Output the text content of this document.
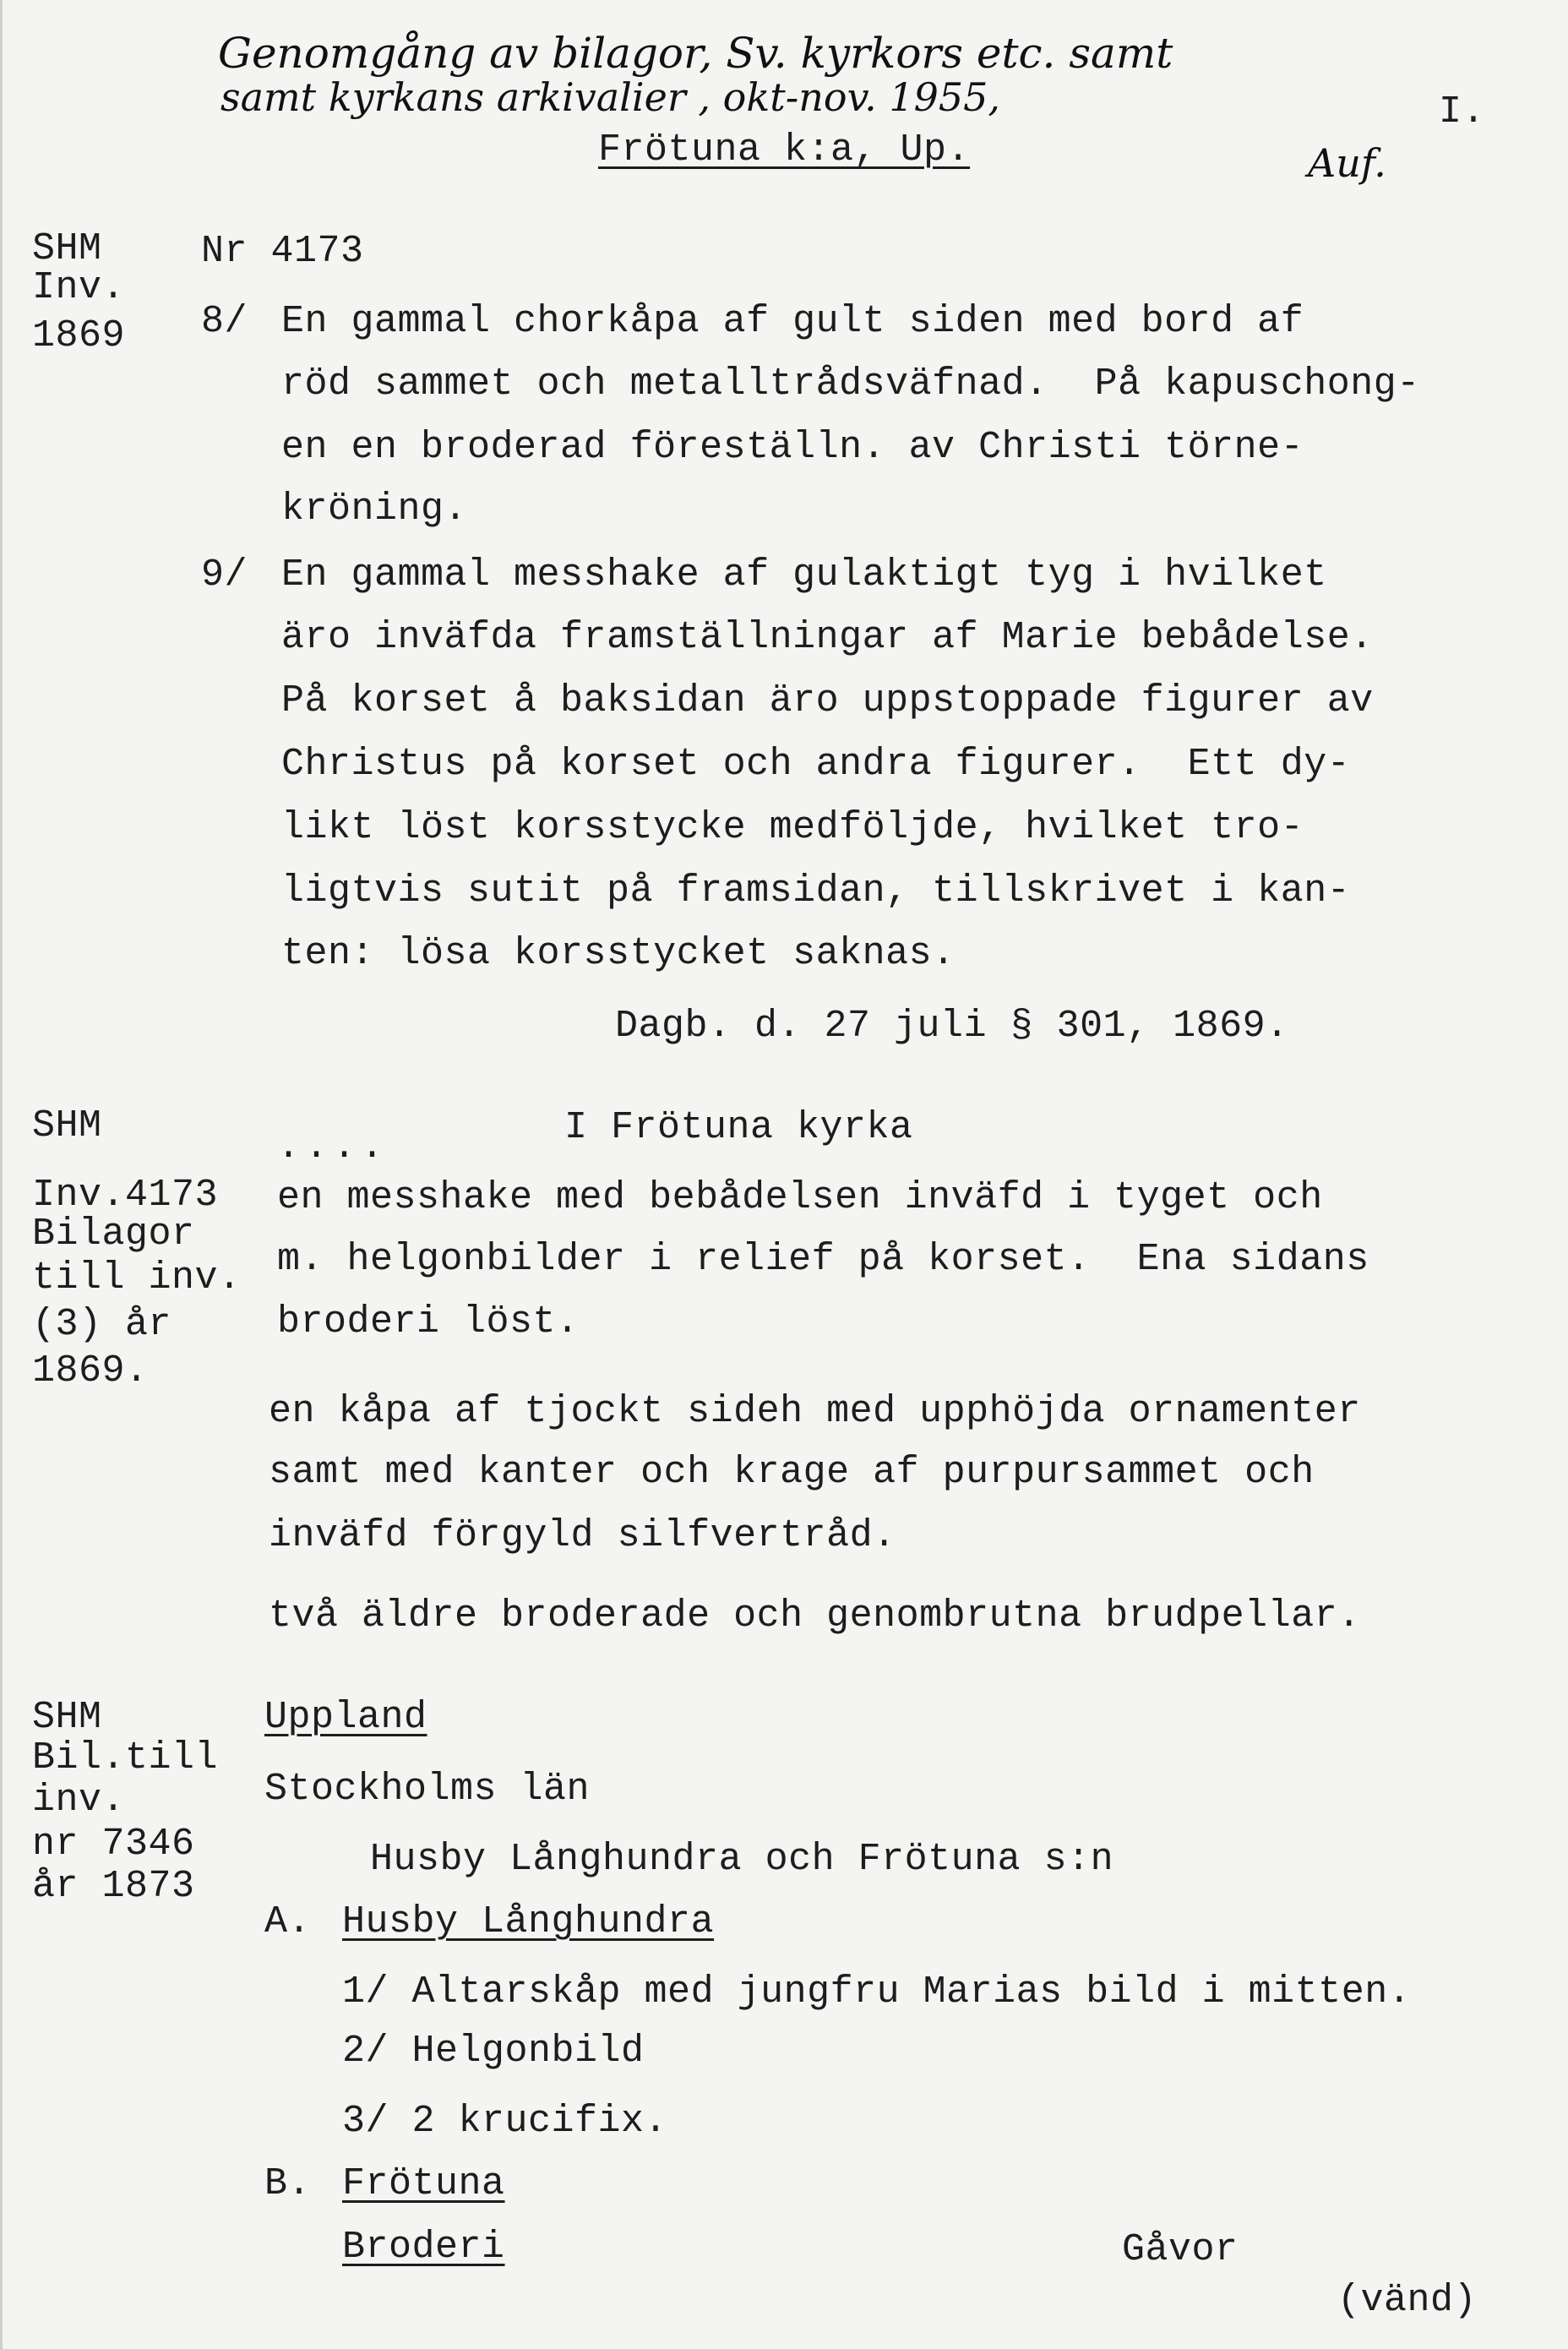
Genomgång av bilagor, Sv. kyrkors etc. samt
samt kyrkans arkivalier , okt-nov. 1955,
Auf.
Frötuna k:a, Up.
I.
SHM
Inv.
1869
Nr 4173
8/ En gammal chorkåpa af gult siden med bord af
röd sammet och metalltrådsväfnad.  På kapuschong-
en en broderad föreställn. av Christi törne-
kröning.
9/ En gammal messhake af gulaktigt tyg i hvilket
äro inväfda framställningar af Marie bebådelse.
På korset å baksidan äro uppstoppade figurer av
Christus på korset och andra figurer.  Ett dy-
likt löst korsstycke medföljde, hvilket tro-
ligtvis sutit på framsidan, tillskrivet i kan-
ten: lösa korsstycket saknas.
Dagb. d. 27 juli § 301, 1869.
SHM
Inv.4173
Bilagor
till inv.
(3) år
1869.
....	I Frötuna kyrka
en messhake med bebådelsen inväfd i tyget och
m. helgonbilder i relief på korset.  Ena sidans
broderi löst.
en kåpa af tjockt sideh med upphöjda ornamenter
samt med kanter och krage af purpursammet och
inväfd förgyld silfvertråd.
två äldre broderade och genombrutna brudpellar.
SHM
Bil.till
inv.
nr 7346
år 1873
Uppland
Stockholms län
Husby Långhundra och Frötuna s:n
A. Husby Långhundra
1/ Altarskåp med jungfru Marias bild i mitten.
2/ Helgonbild
3/ 2 krucifix.
B. Frötuna
Broderi	Gåvor
(vänd)
